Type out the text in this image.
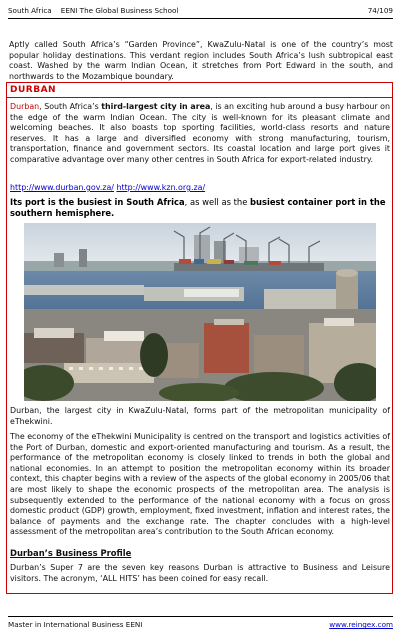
South Africa    EENI The Global Business School	74/109
Aptly called South Africa’s “Garden Province”, KwaZulu-Natal is one of the country’s most popular holiday destinations. This verdant region includes South Africa’s lush subtropical east coast. Washed by the warm Indian Ocean, it stretches from Port Edward in the south, and northwards to the Mozambique boundary.
DURBAN
Durban, South Africa’s third-largest city in area, is an exciting hub around a busy harbour on the edge of the warm Indian Ocean. The city is well-known for its pleasant climate and welcoming beaches. It also boasts top sporting facilities, world-class resorts and nature reserves. It has a large and diversified economy with strong manufacturing, tourism, transportation, finance and government sectors. Its coastal location and large port gives it comparative advantage over many other centres in South Africa for export-related industry.
http://www.durban.gov.za/ http://www.kzn.org.za/
Its port is the busiest in South Africa, as well as the busiest container port in the southern hemisphere.
Durban, the largest city in KwaZulu-Natal, forms part of the metropolitan municipality of eThekwini.
The economy of the eThekwini Municipality is centred on the transport and logistics activities of the Port of Durban, domestic and export-oriented manufacturing and tourism. As a result, the performance of the metropolitan economy is closely linked to trends in both the global and national economies. In an attempt to position the metropolitan economy within its broader context, this chapter begins with a review of the aspects of the global economy in 2005/06 that are most likely to shape the economic prospects of the metropolitan area. The analysis is subsequently extended to the performance of the national economy with a focus on gross domestic product (GDP) growth, employment, fixed investment, inflation and interest rates, the balance of payments and the exchange rate. The chapter concludes with a high-level assessment of the metropolitan area’s contribution to the South African economy.
Durban’s Business Profile
Durban’s Super 7 are the seven key reasons Durban is attractive to Business and Leisure visitors. The acronym, ‘ALL HITS’ has been coined for easy recall.
Master in International Business EENI	www.reingex.com
